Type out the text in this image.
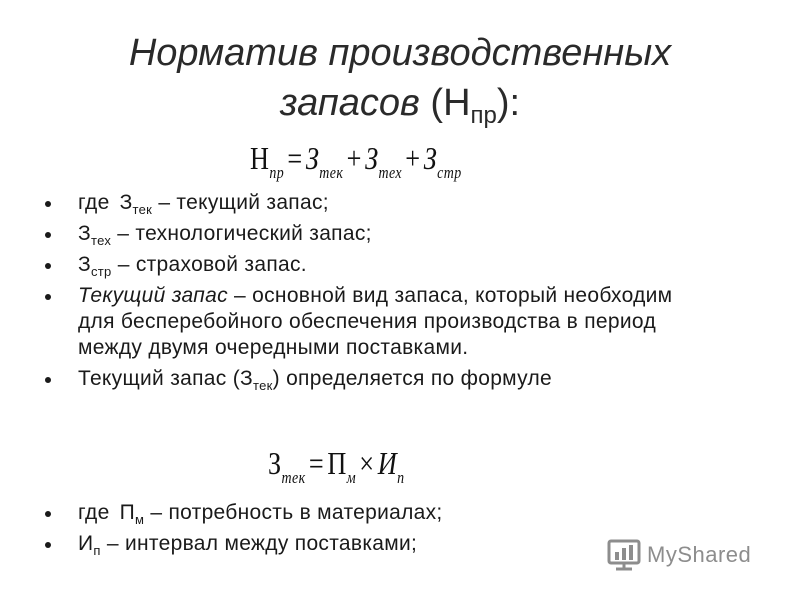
Норматив производственных
запасов $(Н_{пр})$:
$Н_{пр} = З_{тек} + З_{тех} + З_{стр}$
где $З_{тек}$ – текущий запас;
$З_{тех}$ – технологический запас;
$З_{стр}$ – страховой запас.
Текущий запас – основной вид запаса, который необходим для бесперебойного обеспечения производства в период между двумя очередными поставками.
Текущий запас $(З_{тек})$ определяется по формуле
$З_{тек} = П_м \times И_п$
где $П_м$ – потребность в материалах;
$И_п$ – интервал между поставками;	MyShared
